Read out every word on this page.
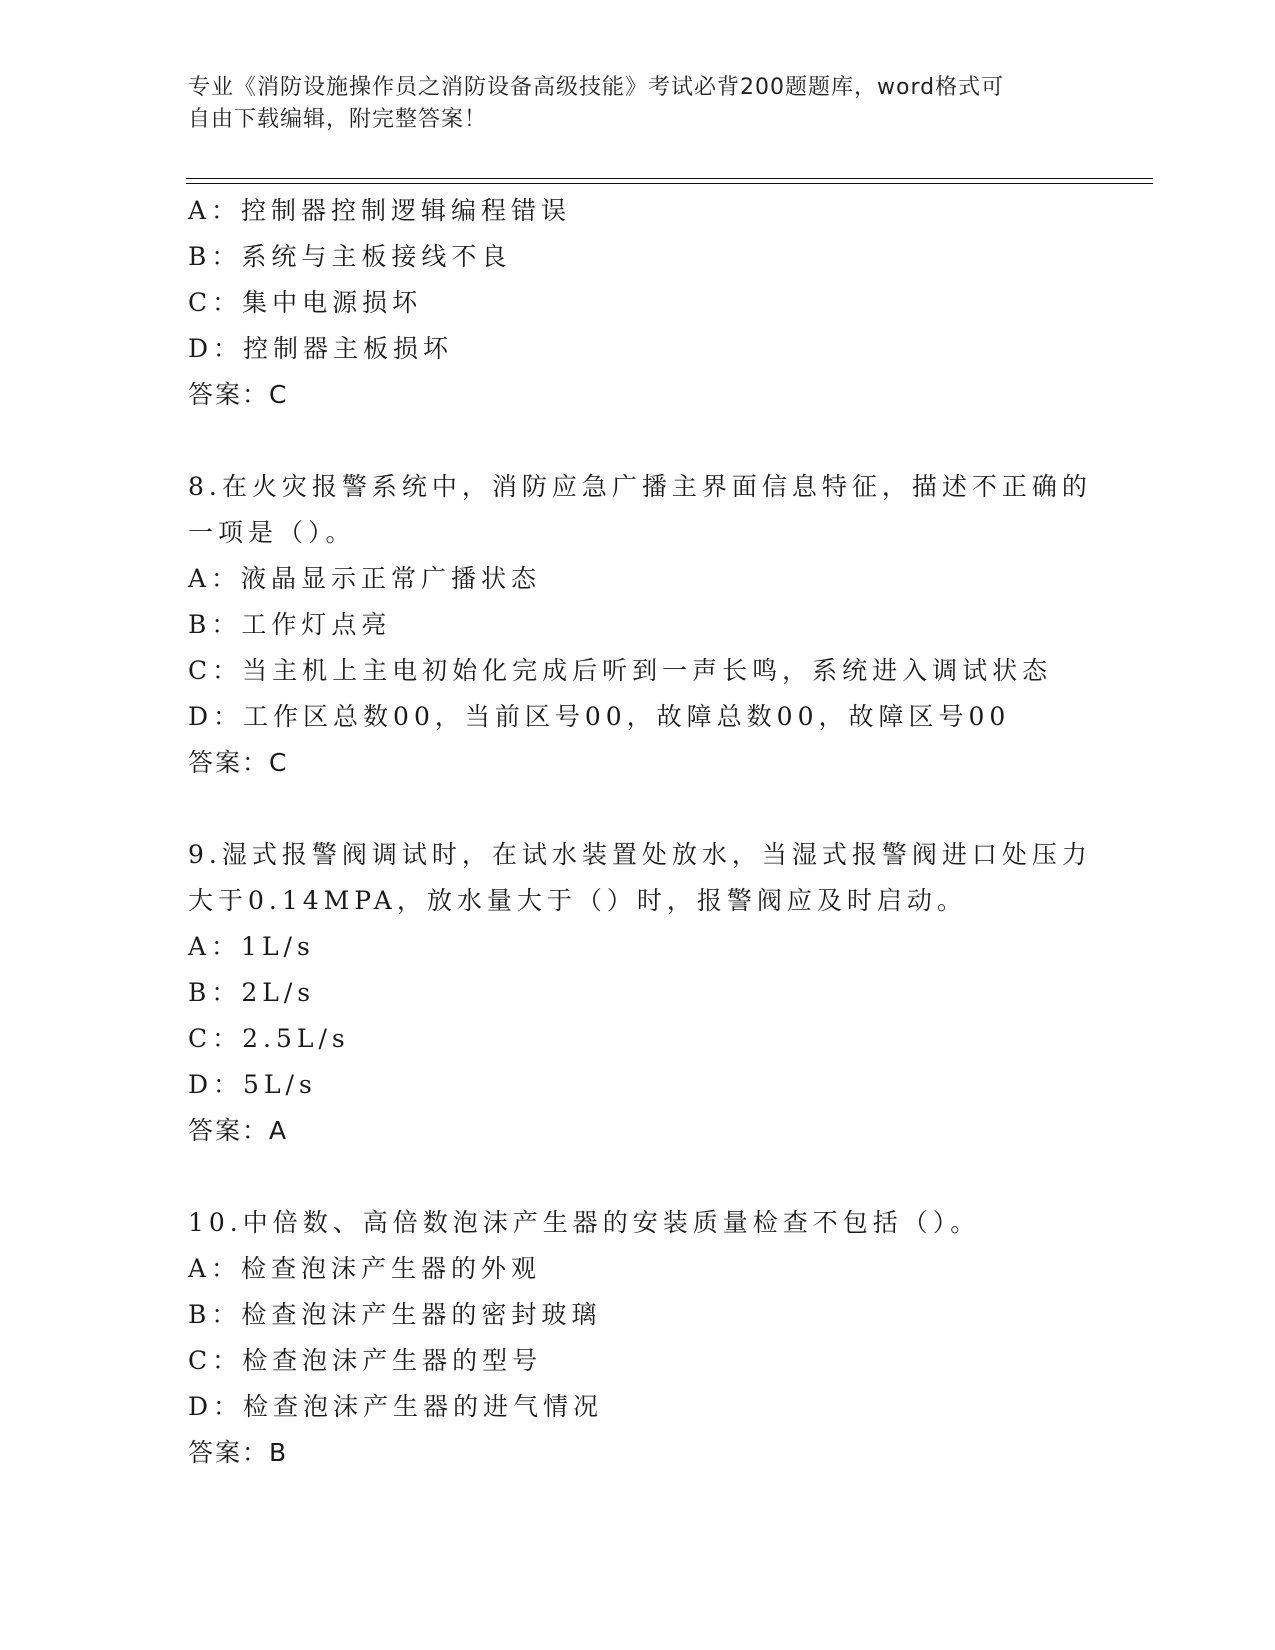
专业《消防设施操作员之消防设备高级技能》考试必背200题题库，word格式可
自由下载编辑，附完整答案！
A：控制器控制逻辑编程错误
B：系统与主板接线不良
C：集中电源损坏
D：控制器主板损坏
答案：C
8.在火灾报警系统中，消防应急广播主界面信息特征，描述不正确的
一项是（）。
A：液晶显示正常广播状态
B：工作灯点亮
C：当主机上主电初始化完成后听到一声长鸣，系统进入调试状态
D：工作区总数00，当前区号00，故障总数00，故障区号00
答案：C
9.湿式报警阀调试时，在试水装置处放水，当湿式报警阀进口处压力
大于0.14MPA，放水量大于（）时，报警阀应及时启动。
A：1L/s
B：2L/s
C：2.5L/s
D：5L/s
答案：A
10.中倍数、高倍数泡沫产生器的安装质量检查不包括（）。
A：检查泡沫产生器的外观
B：检查泡沫产生器的密封玻璃
C：检查泡沫产生器的型号
D：检查泡沫产生器的进气情况
答案：B
